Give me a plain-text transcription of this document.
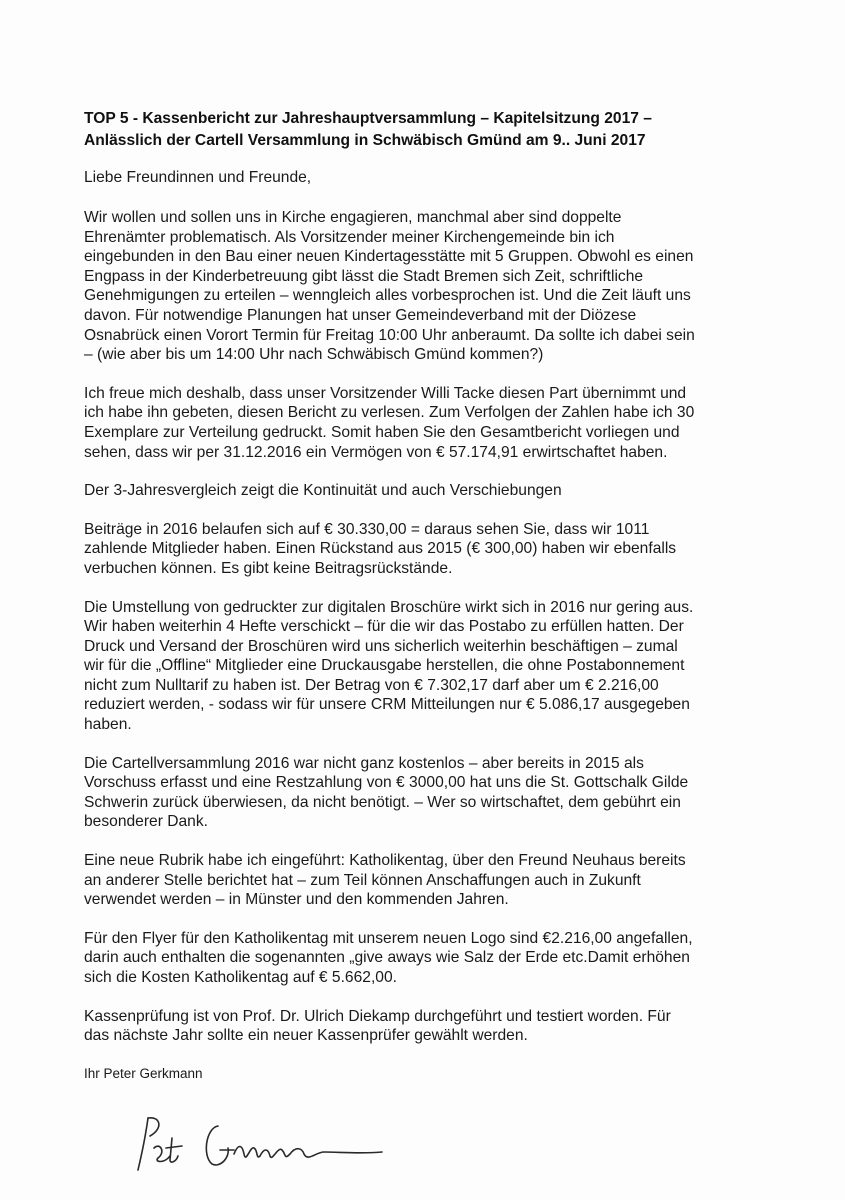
TOP 5 - Kassenbericht zur Jahreshauptversammlung – Kapitelsitzung 2017 –
Anlässlich der Cartell Versammlung in Schwäbisch Gmünd am 9.. Juni 2017
Liebe Freundinnen und Freunde,
Wir wollen und sollen uns in Kirche engagieren, manchmal aber sind doppelte
Ehrenämter problematisch. Als Vorsitzender meiner Kirchengemeinde bin ich
eingebunden in den Bau einer neuen Kindertagesstätte mit 5 Gruppen. Obwohl es einen
Engpass in der Kinderbetreuung gibt lässt die Stadt Bremen sich Zeit, schriftliche
Genehmigungen zu erteilen – wenngleich alles vorbesprochen ist. Und die Zeit läuft uns
davon. Für notwendige Planungen hat unser Gemeindeverband mit der Diözese
Osnabrück einen Vorort Termin für Freitag 10:00 Uhr anberaumt. Da sollte ich dabei sein
– (wie aber bis um 14:00 Uhr nach Schwäbisch Gmünd kommen?)
Ich freue mich deshalb, dass unser Vorsitzender Willi Tacke diesen Part übernimmt und
ich habe ihn gebeten, diesen Bericht zu verlesen. Zum Verfolgen der Zahlen habe ich 30
Exemplare zur Verteilung gedruckt. Somit haben Sie den Gesamtbericht vorliegen und
sehen, dass wir per 31.12.2016 ein Vermögen von € 57.174,91 erwirtschaftet haben.
Der 3-Jahresvergleich zeigt die Kontinuität und auch Verschiebungen
Beiträge in 2016 belaufen sich auf € 30.330,00 = daraus sehen Sie, dass wir 1011
zahlende Mitglieder haben. Einen Rückstand aus 2015 (€ 300,00) haben wir ebenfalls
verbuchen können. Es gibt keine Beitragsrückstände.
Die Umstellung von gedruckter zur digitalen Broschüre wirkt sich in 2016 nur gering aus.
Wir haben weiterhin 4 Hefte verschickt – für die wir das Postabo zu erfüllen hatten. Der
Druck und Versand der Broschüren wird uns sicherlich weiterhin beschäftigen – zumal
wir für die „Offline“ Mitglieder eine Druckausgabe herstellen, die ohne Postabonnement
nicht zum Nulltarif zu haben ist. Der Betrag von € 7.302,17 darf aber um € 2.216,00
reduziert werden, - sodass wir für unsere CRM Mitteilungen nur € 5.086,17 ausgegeben
haben.
Die Cartellversammlung 2016 war nicht ganz kostenlos – aber bereits in 2015 als
Vorschuss erfasst und eine Restzahlung von € 3000,00 hat uns die St. Gottschalk Gilde
Schwerin zurück überwiesen, da nicht benötigt. – Wer so wirtschaftet, dem gebührt ein
besonderer Dank.
Eine neue Rubrik habe ich eingeführt: Katholikentag, über den Freund Neuhaus bereits
an anderer Stelle berichtet hat – zum Teil können Anschaffungen auch in Zukunft
verwendet werden – in Münster und den kommenden Jahren.
Für den Flyer für den Katholikentag mit unserem neuen Logo sind €2.216,00 angefallen,
darin auch enthalten die sogenannten „give aways wie Salz der Erde etc.Damit erhöhen
sich die Kosten Katholikentag auf € 5.662,00.
Kassenprüfung ist von Prof. Dr. Ulrich Diekamp durchgeführt und testiert worden. Für
das nächste Jahr sollte ein neuer Kassenprüfer gewählt werden.
Ihr Peter Gerkmann
